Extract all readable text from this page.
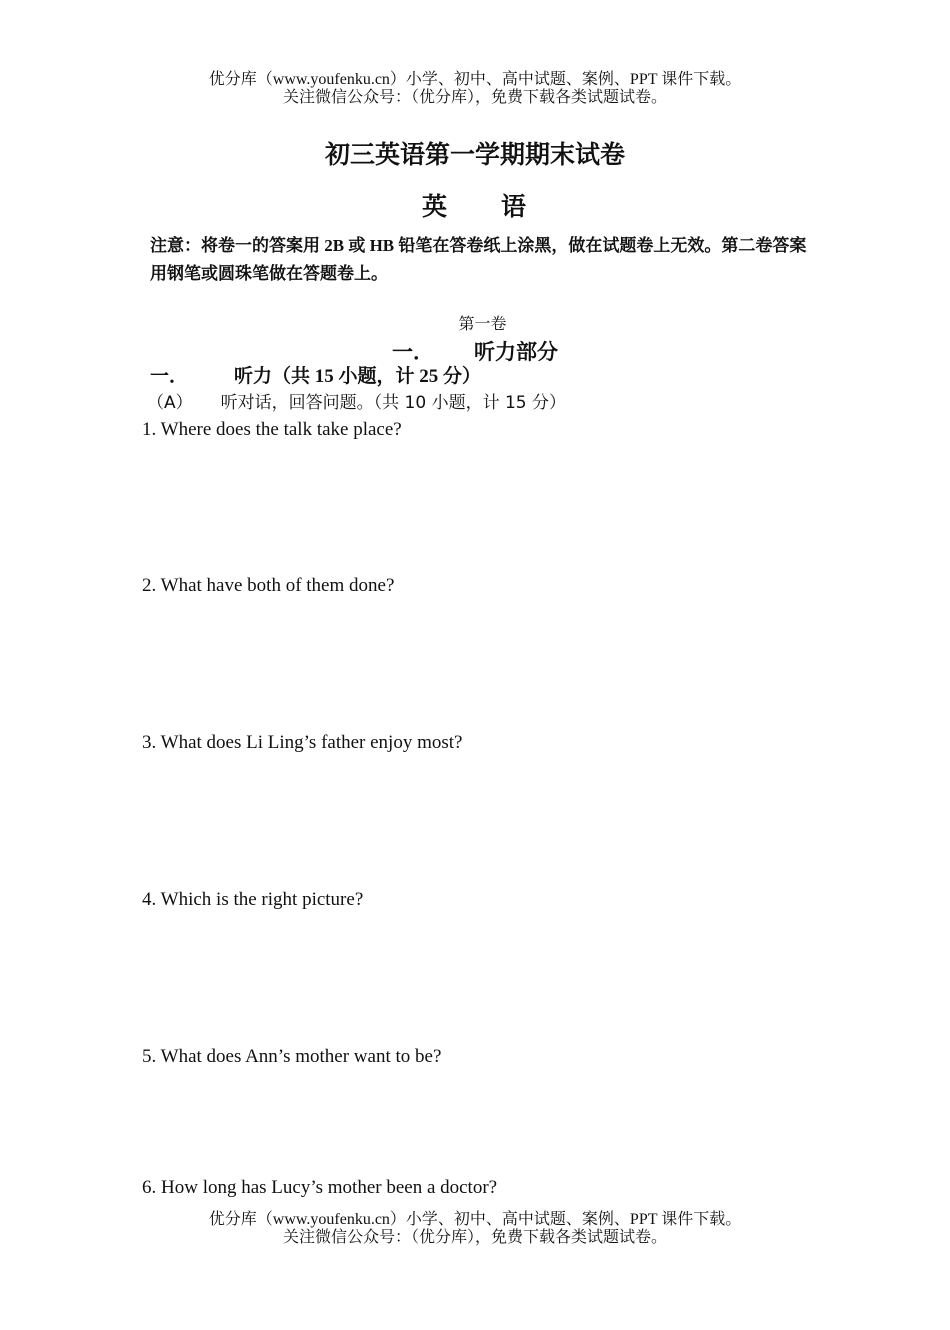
优分库（www.youfenku.cn）小学、初中、高中试题、案例、PPT 课件下载。
关注微信公众号：（优分库），免费下载各类试题试卷。
初三英语第一学期期末试卷
英 语
注意：将卷一的答案用 2B 或 HB 铅笔在答卷纸上涂黑，做在试题卷上无效。第二卷答案用钢笔或圆珠笔做在答题卷上。
第一卷
一． 听力部分
一． 听力（共 15 小题，计 25 分）
（A） 听对话，回答问题。（共 10 小题，计 15 分）
1. Where does the talk take place?
2. What have both of them done?
3. What does Li Ling’s father enjoy most?
4. Which is the right picture?
5. What does Ann’s mother want to be?
6. How long has Lucy’s mother been a doctor?
优分库（www.youfenku.cn）小学、初中、高中试题、案例、PPT 课件下载。
关注微信公众号：（优分库），免费下载各类试题试卷。
